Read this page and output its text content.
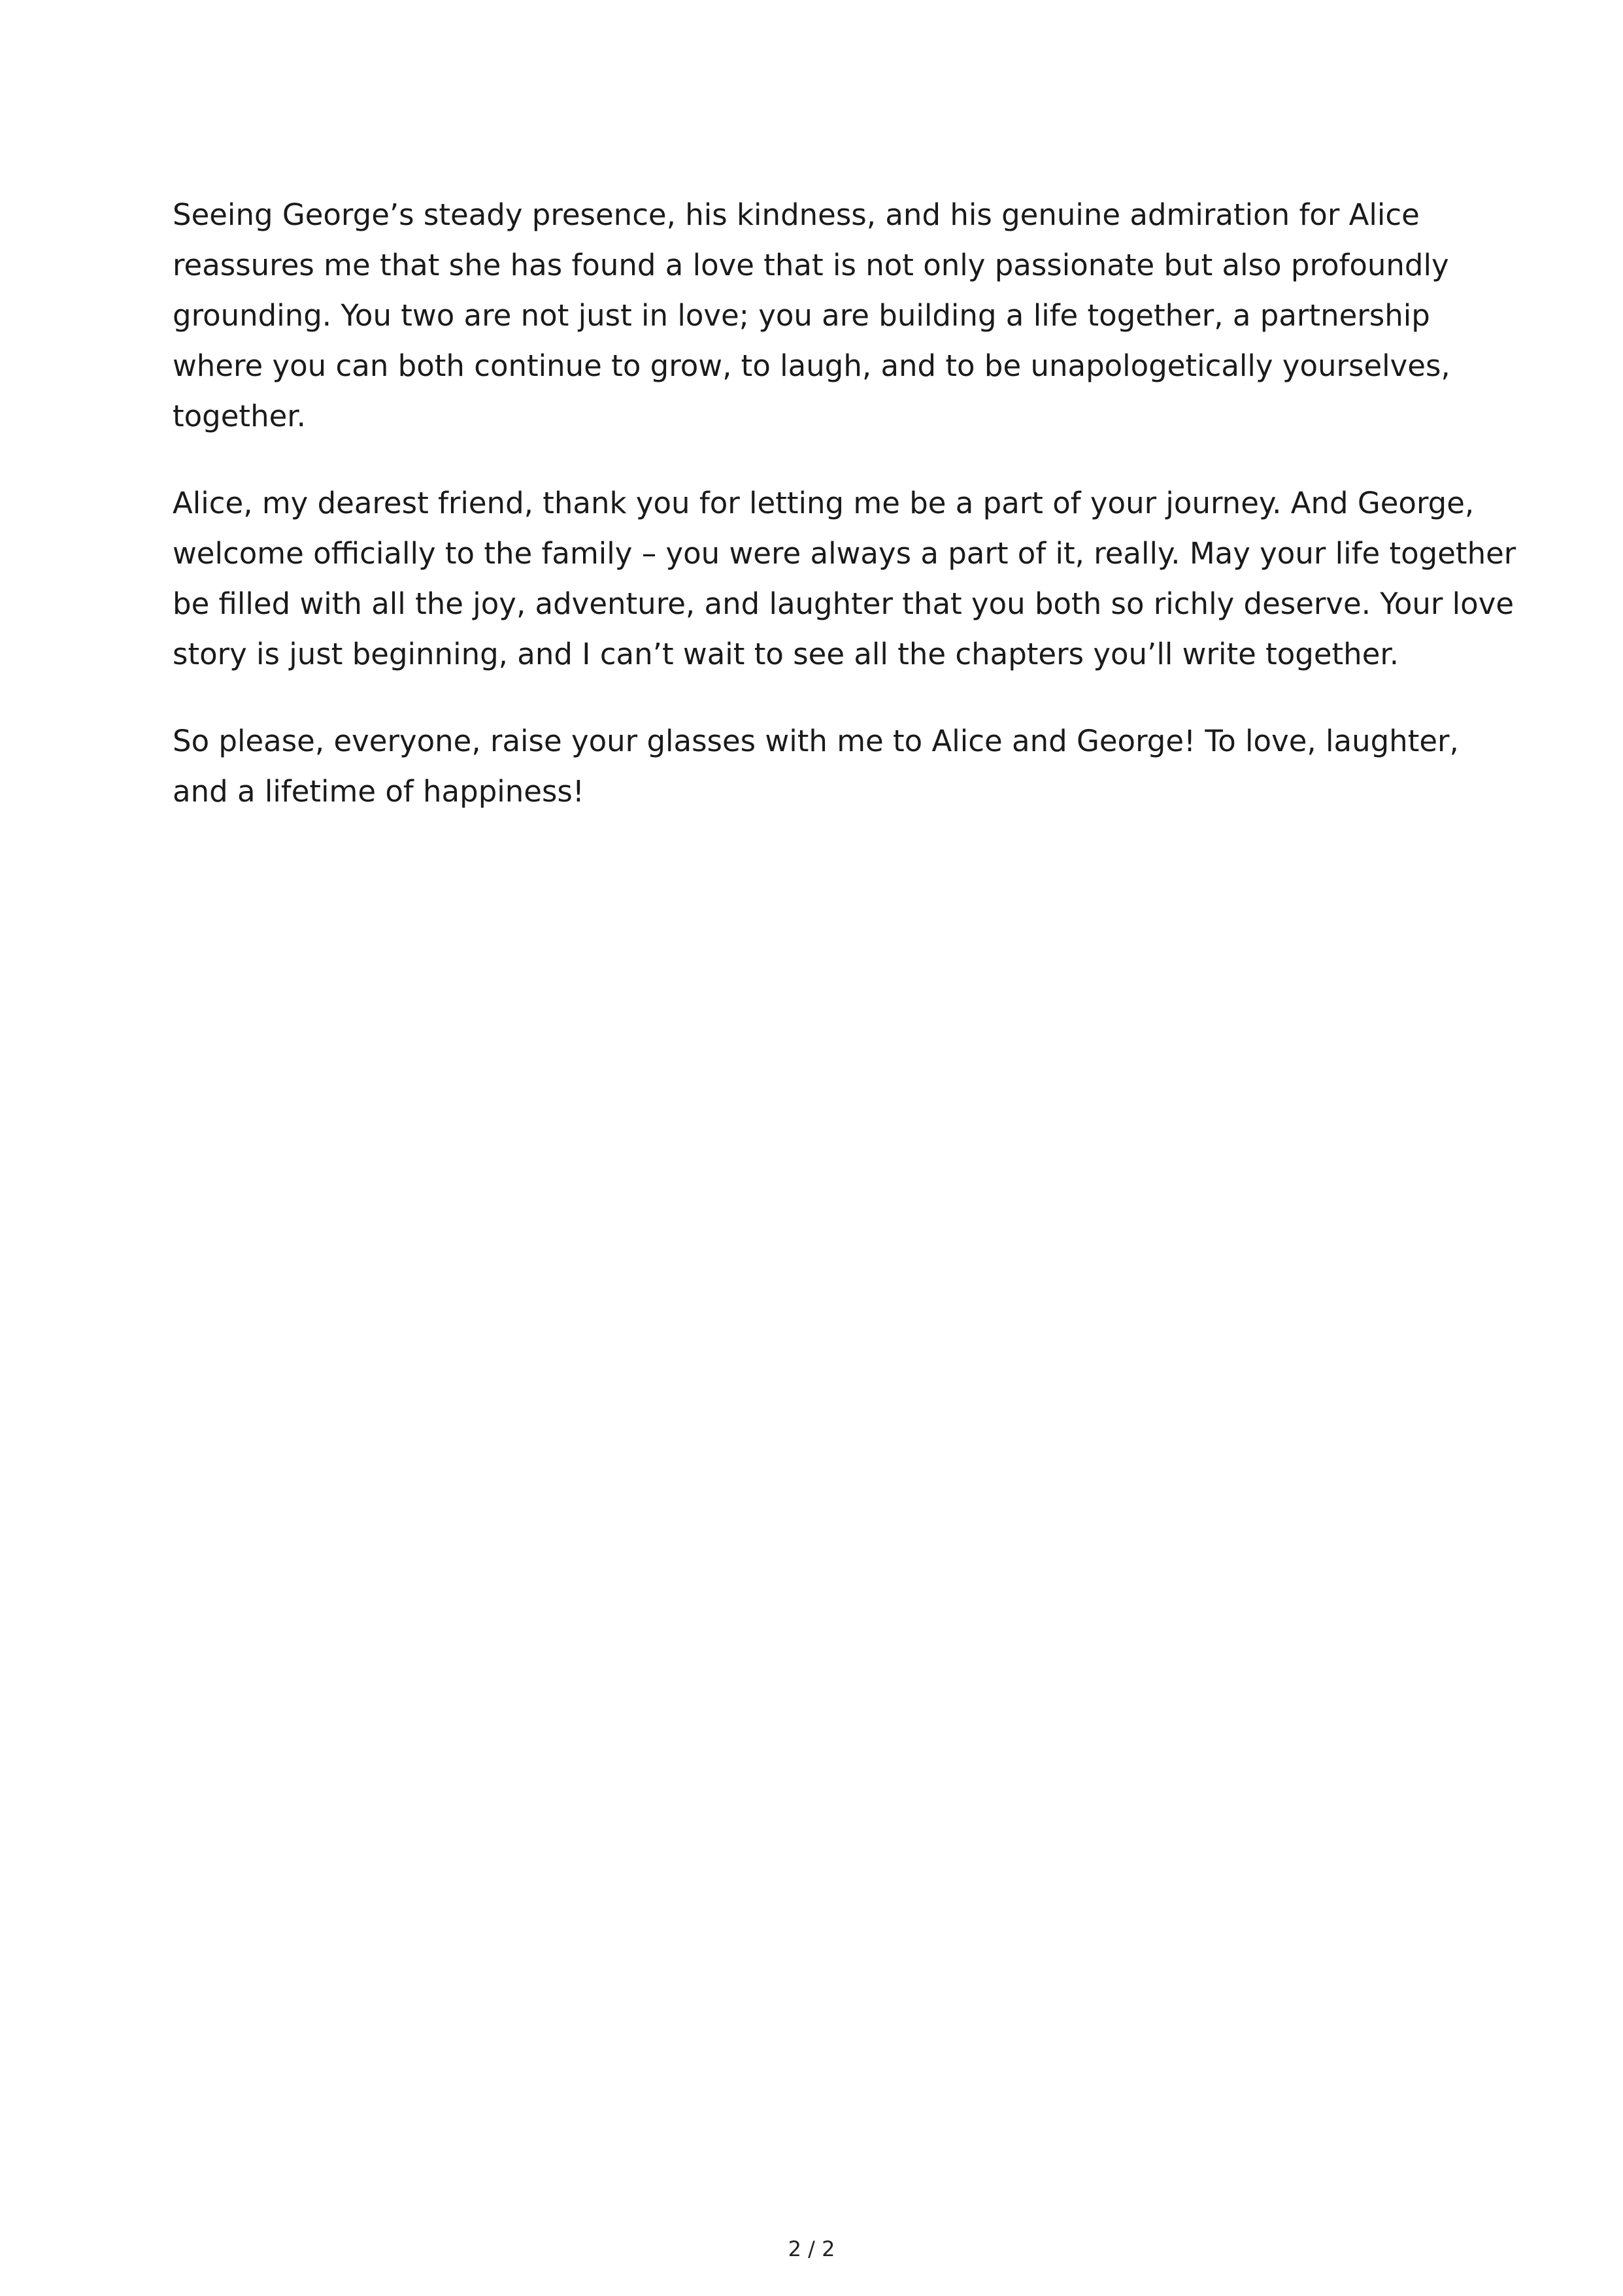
Seeing George’s steady presence, his kindness, and his genuine admiration for Alice
reassures me that she has found a love that is not only passionate but also profoundly
grounding. You two are not just in love; you are building a life together, a partnership
where you can both continue to grow, to laugh, and to be unapologetically yourselves,
together.

Alice, my dearest friend, thank you for letting me be a part of your journey. And George,
welcome officially to the family – you were always a part of it, really. May your life together
be filled with all the joy, adventure, and laughter that you both so richly deserve. Your love
story is just beginning, and I can’t wait to see all the chapters you’ll write together.

So please, everyone, raise your glasses with me to Alice and George! To love, laughter,
and a lifetime of happiness!

2 / 2
